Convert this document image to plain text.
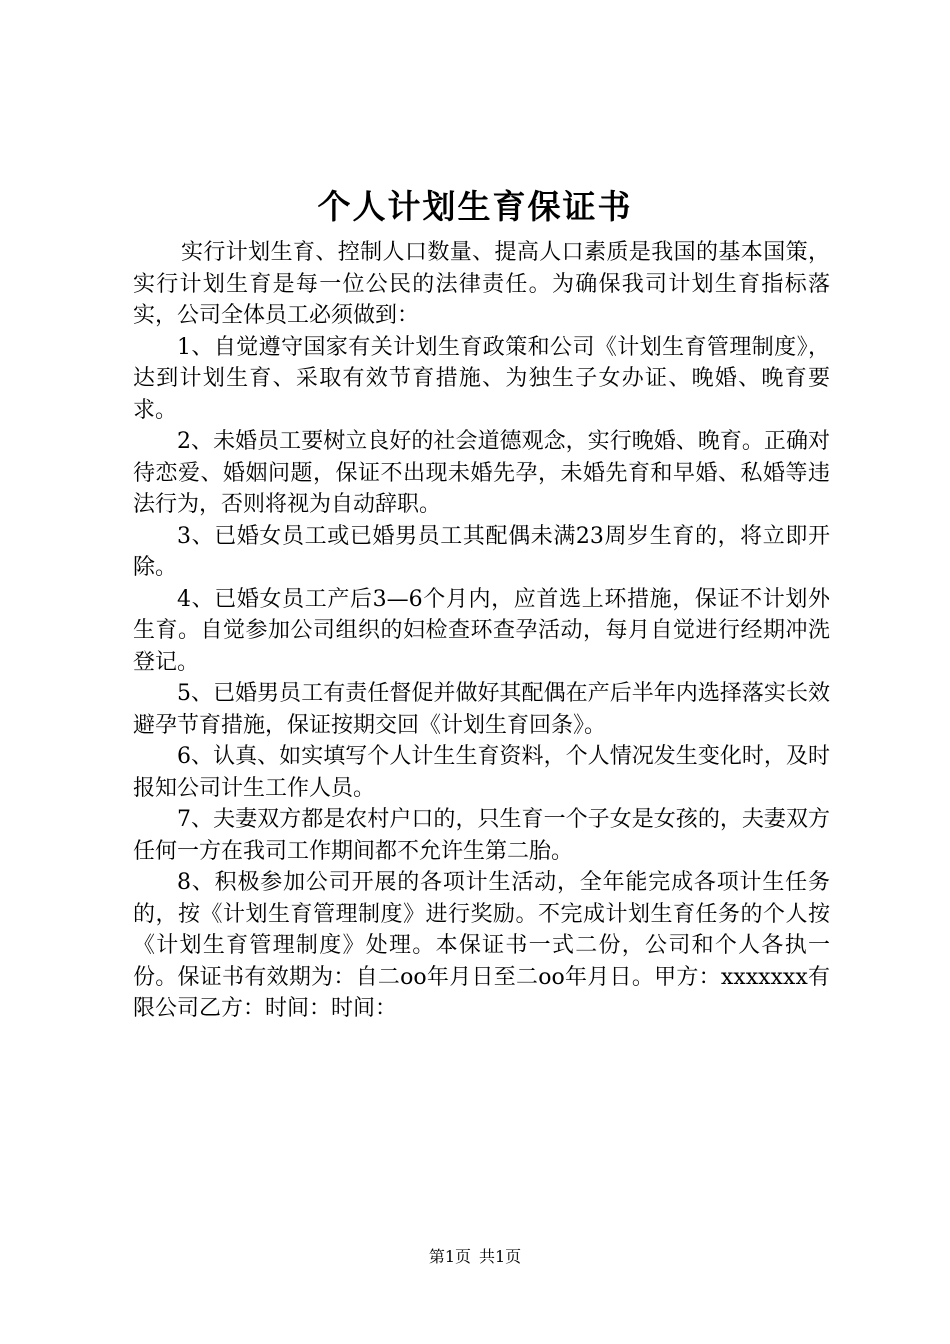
个人计划生育保证书

实行计划生育、控制人口数量、提高人口素质是我国的基本国策，实行计划生育是每一位公民的法律责任。为确保我司计划生育指标落实，公司全体员工必须做到：

1、自觉遵守国家有关计划生育政策和公司《计划生育管理制度》，达到计划生育、采取有效节育措施、为独生子女办证、晚婚、晚育要求。

2、未婚员工要树立良好的社会道德观念，实行晚婚、晚育。正确对待恋爱、婚姻问题，保证不出现未婚先孕，未婚先育和早婚、私婚等违法行为，否则将视为自动辞职。

3、已婚女员工或已婚男员工其配偶未满23周岁生育的，将立即开除。

4、已婚女员工产后3—6个月内，应首选上环措施，保证不计划外生育。自觉参加公司组织的妇检查环查孕活动，每月自觉进行经期冲洗登记。

5、已婚男员工有责任督促并做好其配偶在产后半年内选择落实长效避孕节育措施，保证按期交回《计划生育回条》。

6、认真、如实填写个人计生生育资料，个人情况发生变化时，及时报知公司计生工作人员。

7、夫妻双方都是农村户口的，只生育一个子女是女孩的，夫妻双方任何一方在我司工作期间都不允许生第二胎。

8、积极参加公司开展的各项计生活动，全年能完成各项计生任务的，按《计划生育管理制度》进行奖励。不完成计划生育任务的个人按《计划生育管理制度》处理。本保证书一式二份，公司和个人各执一份。保证书有效期为：自二oo年月日至二oo年月日。甲方：xxxxxxx有限公司乙方：时间：时间：

第1页 共1页
